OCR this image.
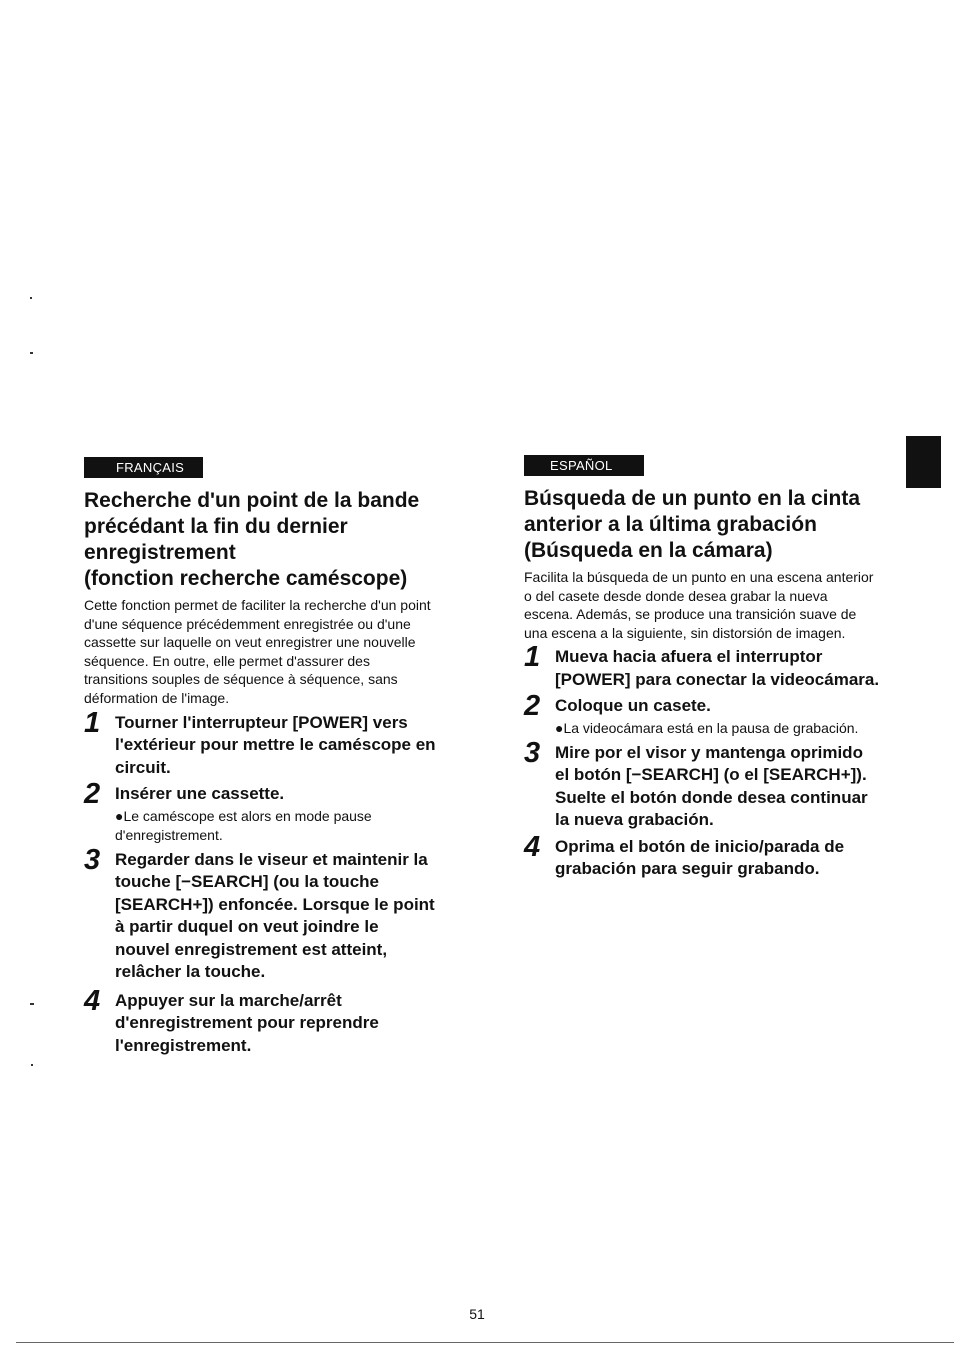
FRANÇAIS
Recherche d'un point de la bande
précédant la fin du dernier
enregistrement
(fonction recherche caméscope)
Cette fonction permet de faciliter la recherche d'un point
d'une séquence précédemment enregistrée ou d'une
cassette sur laquelle on veut enregistrer une nouvelle
séquence. En outre, elle permet d'assurer des
transitions souples de séquence à séquence, sans
déformation de l'image.
1 Tourner l'interrupteur [POWER] vers
l'extérieur pour mettre le caméscope en
circuit.
2 Insérer une cassette.
●Le caméscope est alors en mode pause
d'enregistrement.
3 Regarder dans le viseur et maintenir la
touche [−SEARCH] (ou la touche
[SEARCH+]) enfoncée. Lorsque le point
à partir duquel on veut joindre le
nouvel enregistrement est atteint,
relâcher la touche.
4 Appuyer sur la marche/arrêt
d'enregistrement pour reprendre
l'enregistrement.
ESPAÑOL
Búsqueda de un punto en la cinta
anterior a la última grabación
(Búsqueda en la cámara)
Facilita la búsqueda de un punto en una escena anterior
o del casete desde donde desea grabar la nueva
escena. Además, se produce una transición suave de
una escena a la siguiente, sin distorsión de imagen.
1 Mueva hacia afuera el interruptor
[POWER] para conectar la videocámara.
2 Coloque un casete.
●La videocámara está en la pausa de grabación.
3 Mire por el visor y mantenga oprimido
el botón [−SEARCH] (o el [SEARCH+]).
Suelte el botón donde desea continuar
la nueva grabación.
4 Oprima el botón de inicio/parada de
grabación para seguir grabando.
51
